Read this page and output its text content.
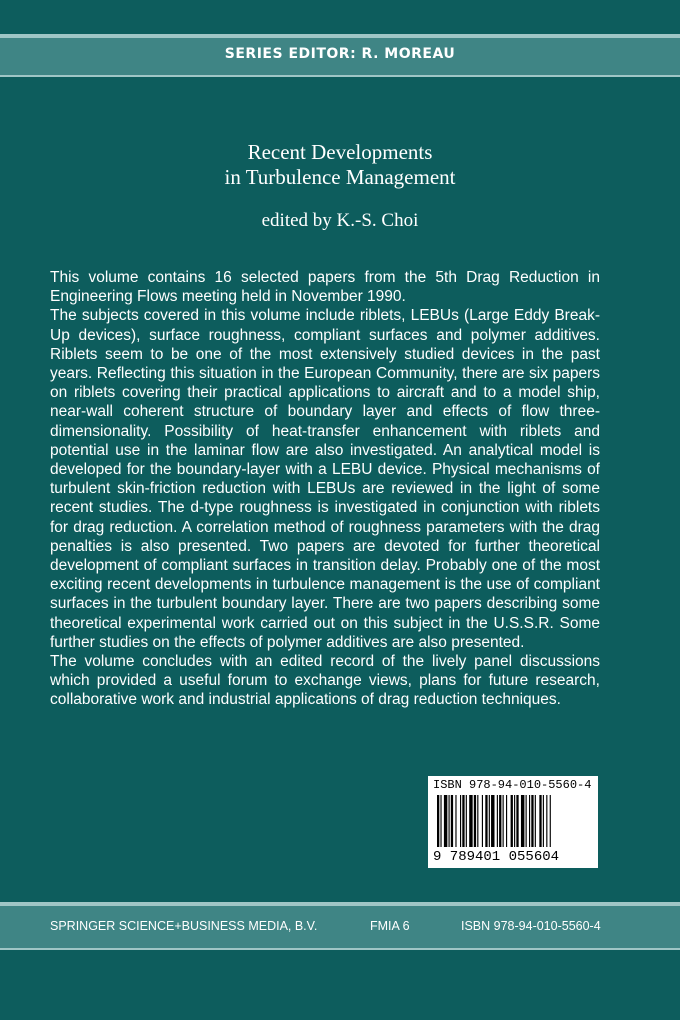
SERIES EDITOR: R. MOREAU
Recent Developments
in Turbulence Management
edited by K.-S. Choi

This volume contains 16 selected papers from the 5th Drag Reduction in Engineering Flows meeting held in November 1990.

The subjects covered in this volume include riblets, LEBUs (Large Eddy Break-Up devices), surface roughness, compliant surfaces and polymer additives. Riblets seem to be one of the most extensively studied devices in the past years. Reflecting this situation in the European Community, there are six papers on riblets covering their practical applications to aircraft and to a model ship, near-wall coherent structure of boundary layer and effects of flow three-dimensionality. Possibility of heat-transfer enhancement with riblets and potential use in the laminar flow are also investigated. An analytical model is developed for the boundary-layer with a LEBU device. Physical mechanisms of turbulent skin-friction reduction with LEBUs are reviewed in the light of some recent studies. The d-type roughness is investigated in conjunction with riblets for drag reduction. A correlation method of roughness parameters with the drag penalties is also presented. Two papers are devoted for further theoretical development of compliant surfaces in transition delay. Probably one of the most exciting recent developments in turbulence management is the use of compliant surfaces in the turbulent boundary layer. There are two papers describing some theoretical experimental work carried out on this subject in the U.S.S.R. Some further studies on the effects of polymer additives are also presented.

The volume concludes with an edited record of the lively panel discussions which provided a useful forum to exchange views, plans for future research, collaborative work and industrial applications of drag reduction techniques.

ISBN 978-94-010-5560-4
9 789401 055604
SPRINGER SCIENCE+BUSINESS MEDIA, B.V.	FMIA 6	ISBN 978-94-010-5560-4
